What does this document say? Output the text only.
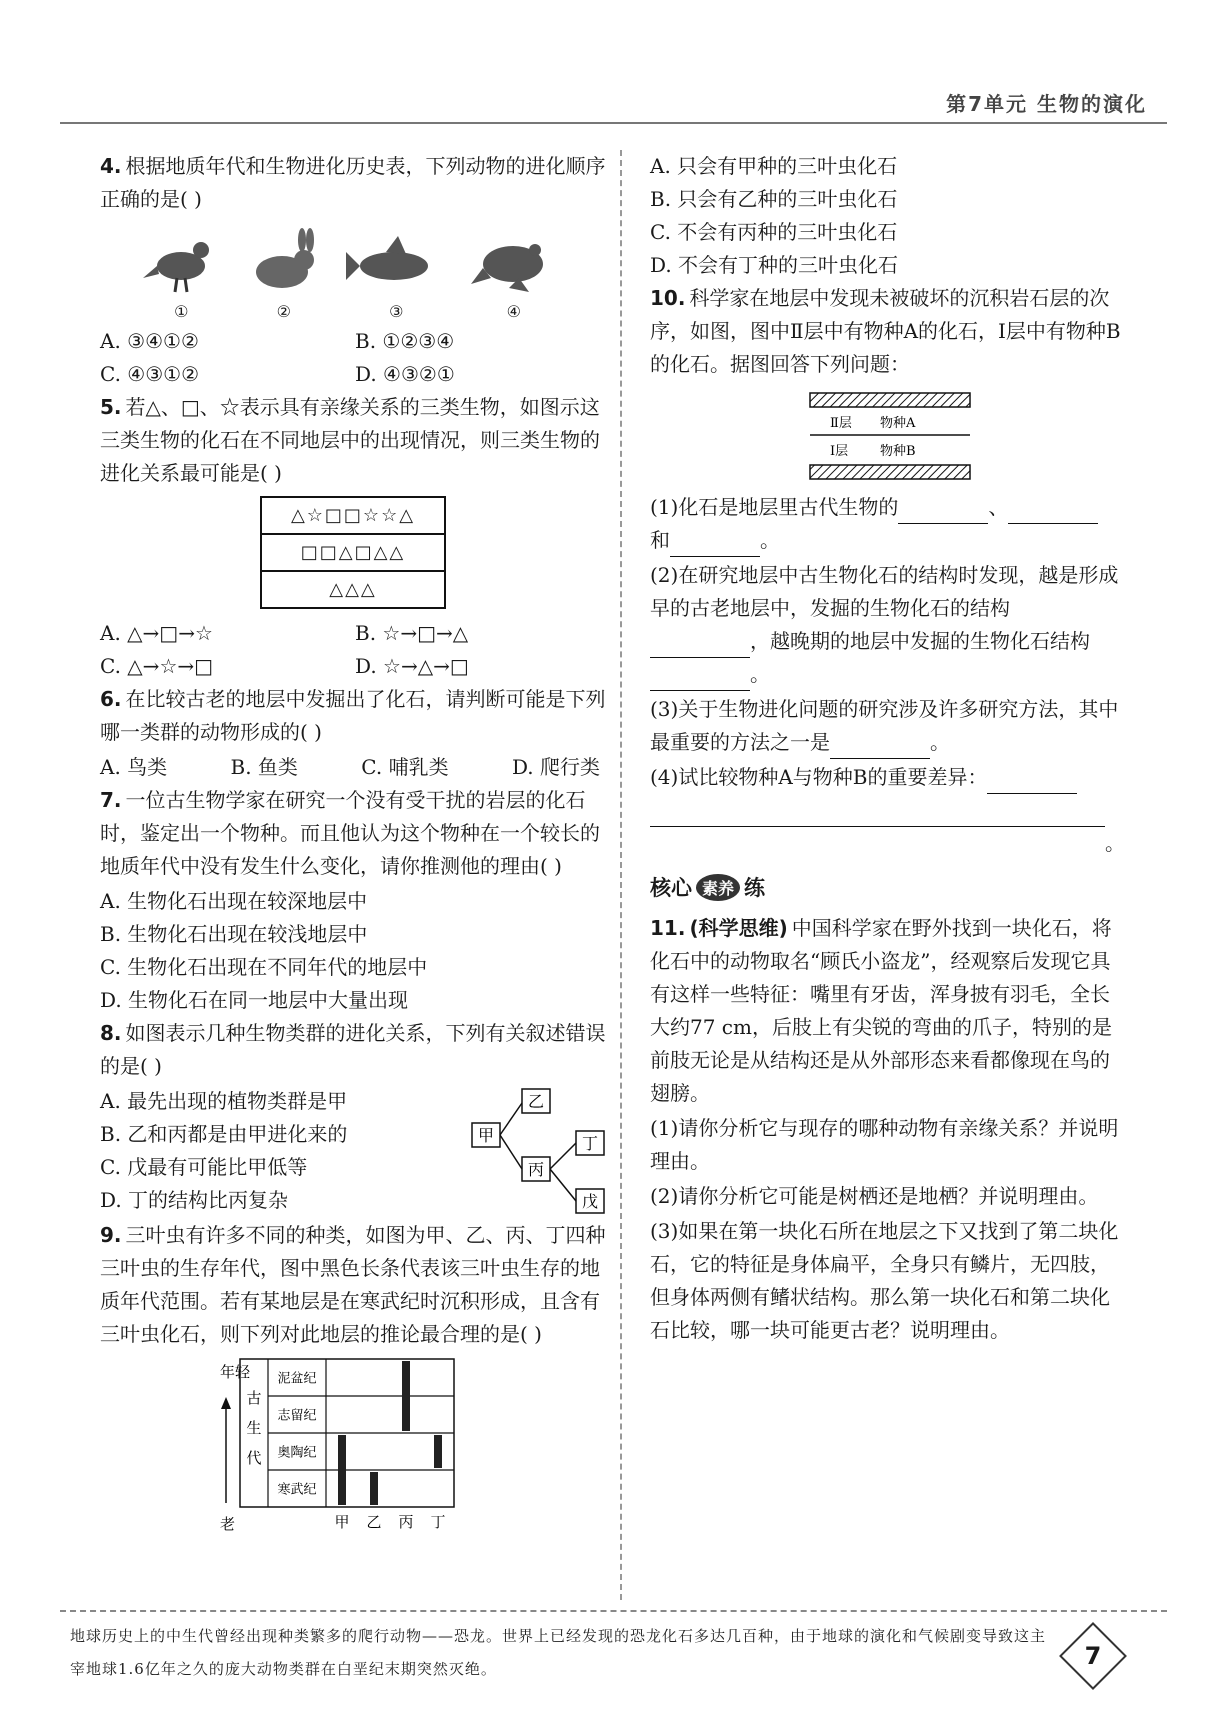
第7单元 生物的演化
4. 根据地质年代和生物进化历史表，下列动物的进化顺序正确的是( )
①	②	③	④
A. ③④①②	B. ①②③④
C. ④③①②	D. ④③②①
5. 若△、□、☆表示具有亲缘关系的三类生物，如图示这三类生物的化石在不同地层中的出现情况，则三类生物的进化关系最可能是( )
△☆□□☆☆△
□□△□△△
△△△
A. △→□→☆	B. ☆→□→△
C. △→☆→□	D. ☆→△→□
6. 在比较古老的地层中发掘出了化石，请判断可能是下列哪一类群的动物形成的( )
A. 鸟类	B. 鱼类	C. 哺乳类	D. 爬行类
7. 一位古生物学家在研究一个没有受干扰的岩层的化石时，鉴定出一个物种。而且他认为这个物种在一个较长的地质年代中没有发生什么变化，请你推测他的理由( )
A. 生物化石出现在较深地层中
B. 生物化石出现在较浅地层中
C. 生物化石出现在不同年代的地层中
D. 生物化石在同一地层中大量出现
8. 如图表示几种生物类群的进化关系，下列有关叙述错误的是( )
A. 最先出现的植物类群是甲
B. 乙和丙都是由甲进化来的
C. 戊最有可能比甲低等
D. 丁的结构比丙复杂
甲
乙
丙
丁
戊
9. 三叶虫有许多不同的种类，如图为甲、乙、丙、丁四种三叶虫的生存年代，图中黑色长条代表该三叶虫生存的地质年代范围。若有某地层是在寒武纪时沉积形成，且含有三叶虫化石，则下列对此地层的推论最合理的是( )
年轻
老
古
生
代
泥盆纪
志留纪
奥陶纪
寒武纪
甲 乙 丙 丁
A. 只会有甲种的三叶虫化石
B. 只会有乙种的三叶虫化石
C. 不会有丙种的三叶虫化石
D. 不会有丁种的三叶虫化石
10. 科学家在地层中发现未被破坏的沉积岩石层的次序，如图，图中Ⅱ层中有物种A的化石，Ⅰ层中有物种B的化石。据图回答下列问题：
Ⅱ层 物种A
Ⅰ层 物种B
(1)化石是地层里古代生物的	、
和	。
(2)在研究地层中古生物化石的结构时发现，越是形成早的古老地层中，发掘的生物化石的结构
，越晚期的地层中发掘的生物化石结构
。
(3)关于生物进化问题的研究涉及许多研究方法，其中最重要的方法之一是	。
(4)试比较物种A与物种B的重要差异：

。
核心 素养 练
11. (科学思维) 中国科学家在野外找到一块化石，将化石中的动物取名“顾氏小盗龙”，经观察后发现它具有这样一些特征：嘴里有牙齿，浑身披有羽毛，全长大约77 cm，后肢上有尖锐的弯曲的爪子，特别的是前肢无论是从结构还是从外部形态来看都像现在鸟的翅膀。
(1)请你分析它与现存的哪种动物有亲缘关系？并说明理由。
(2)请你分析它可能是树栖还是地栖？并说明理由。
(3)如果在第一块化石所在地层之下又找到了第二块化石，它的特征是身体扁平，全身只有鳞片，无四肢，但身体两侧有鳍状结构。那么第一块化石和第二块化石比较，哪一块可能更古老？说明理由。
地球历史上的中生代曾经出现种类繁多的爬行动物——恐龙。世界上已经发现的恐龙化石多达几百种，由于地球的演化和气候剧变导致这主宰地球1.6亿年之久的庞大动物类群在白垩纪末期突然灭绝。	7
